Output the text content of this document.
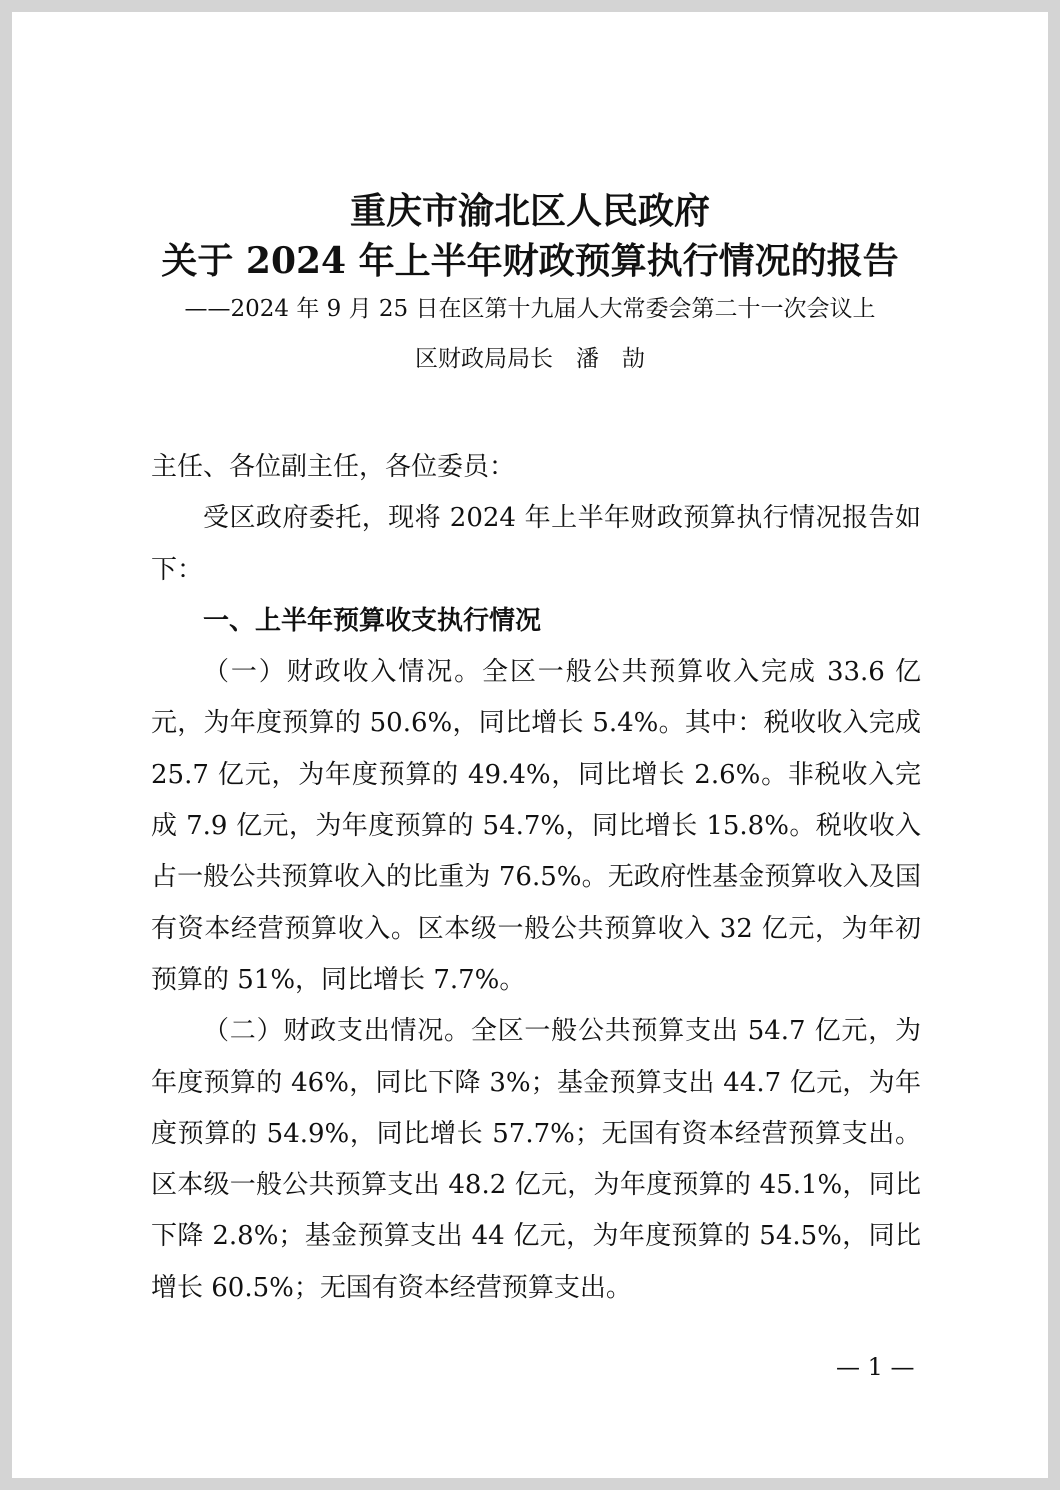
重庆市渝北区人民政府
关于 2024 年上半年财政预算执行情况的报告
——2024 年 9 月 25 日在区第十九届人大常委会第二十一次会议上
区财政局局长　潘　劼

主任、各位副主任，各位委员：

受区政府委托，现将 2024 年上半年财政预算执行情况报告如下：

一、上半年预算收支执行情况

（一）财政收入情况。全区一般公共预算收入完成 33.6 亿元，为年度预算的 50.6%，同比增长 5.4%。其中：税收收入完成 25.7 亿元，为年度预算的 49.4%，同比增长 2.6%。非税收入完成 7.9 亿元，为年度预算的 54.7%，同比增长 15.8%。税收收入占一般公共预算收入的比重为 76.5%。无政府性基金预算收入及国有资本经营预算收入。区本级一般公共预算收入 32 亿元，为年初预算的 51%，同比增长 7.7%。

（二）财政支出情况。全区一般公共预算支出 54.7 亿元，为年度预算的 46%，同比下降 3%；基金预算支出 44.7 亿元，为年度预算的 54.9%，同比增长 57.7%；无国有资本经营预算支出。区本级一般公共预算支出 48.2 亿元，为年度预算的 45.1%，同比下降 2.8%；基金预算支出 44 亿元，为年度预算的 54.5%，同比增长 60.5%；无国有资本经营预算支出。

— 1 —
